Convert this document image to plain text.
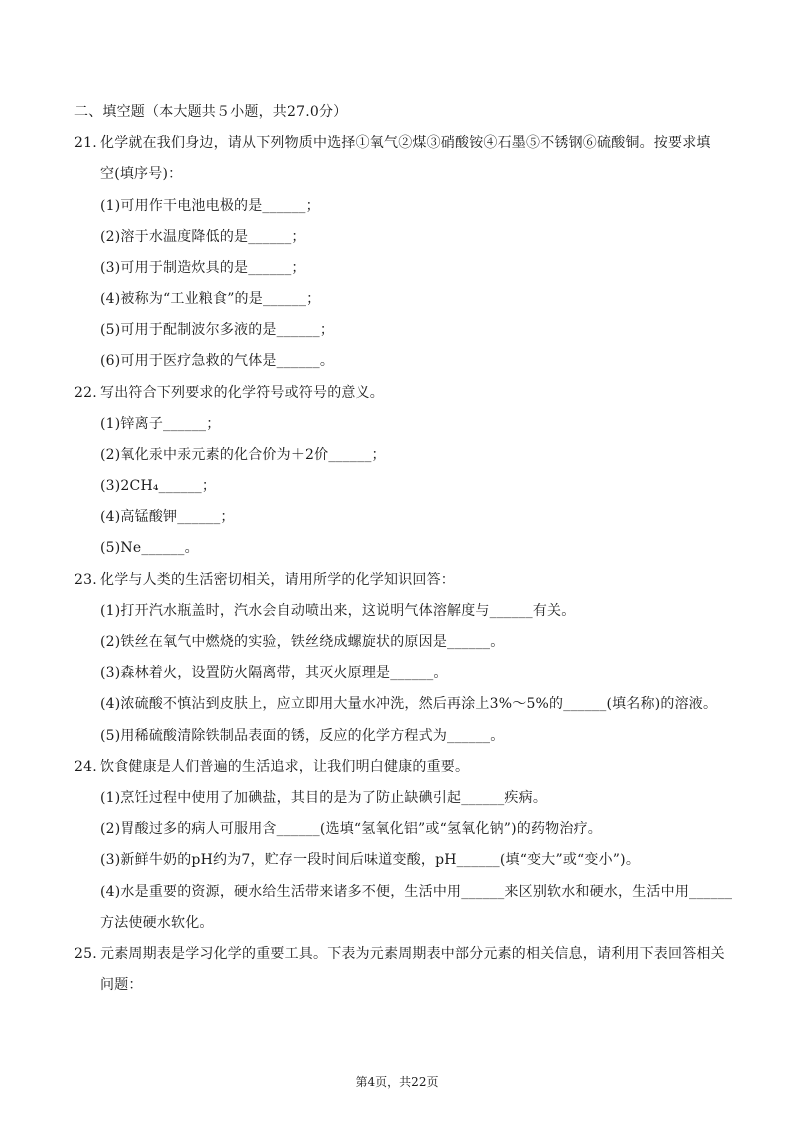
二、填空题（本大题共５小题，共27.0分）
21. 化学就在我们身边，请从下列物质中选择①氧气②煤③硝酸铵④石墨⑤不锈钢⑥硫酸铜。按要求填
空(填序号)：
(1)可用作干电池电极的是______；
(2)溶于水温度降低的是______；
(3)可用于制造炊具的是______；
(4)被称为“工业粮食”的是______；
(5)可用于配制波尔多液的是______；
(6)可用于医疗急救的气体是______。
22. 写出符合下列要求的化学符号或符号的意义。
(1)锌离子______；
(2)氧化汞中汞元素的化合价为＋2价______；
(3)2CH₄______；
(4)高锰酸钾______；
(5)Ne______。
23. 化学与人类的生活密切相关，请用所学的化学知识回答：
(1)打开汽水瓶盖时，汽水会自动喷出来，这说明气体溶解度与______有关。
(2)铁丝在氧气中燃烧的实验，铁丝绕成螺旋状的原因是______。
(3)森林着火，设置防火隔离带，其灭火原理是______。
(4)浓硫酸不慎沾到皮肤上，应立即用大量水冲洗，然后再涂上3%～5%的______(填名称)的溶液。
(5)用稀硫酸清除铁制品表面的锈，反应的化学方程式为______。
24. 饮食健康是人们普遍的生活追求，让我们明白健康的重要。
(1)烹饪过程中使用了加碘盐，其目的是为了防止缺碘引起______疾病。
(2)胃酸过多的病人可服用含______(选填“氢氧化铝”或“氢氧化钠”)的药物治疗。
(3)新鲜牛奶的pH约为7，贮存一段时间后味道变酸，pH______(填“变大”或“变小”)。
(4)水是重要的资源，硬水给生活带来诸多不便，生活中用______来区别软水和硬水，生活中用______
方法使硬水软化。
25. 元素周期表是学习化学的重要工具。下表为元素周期表中部分元素的相关信息，请利用下表回答相关
问题：
第4页，共22页
